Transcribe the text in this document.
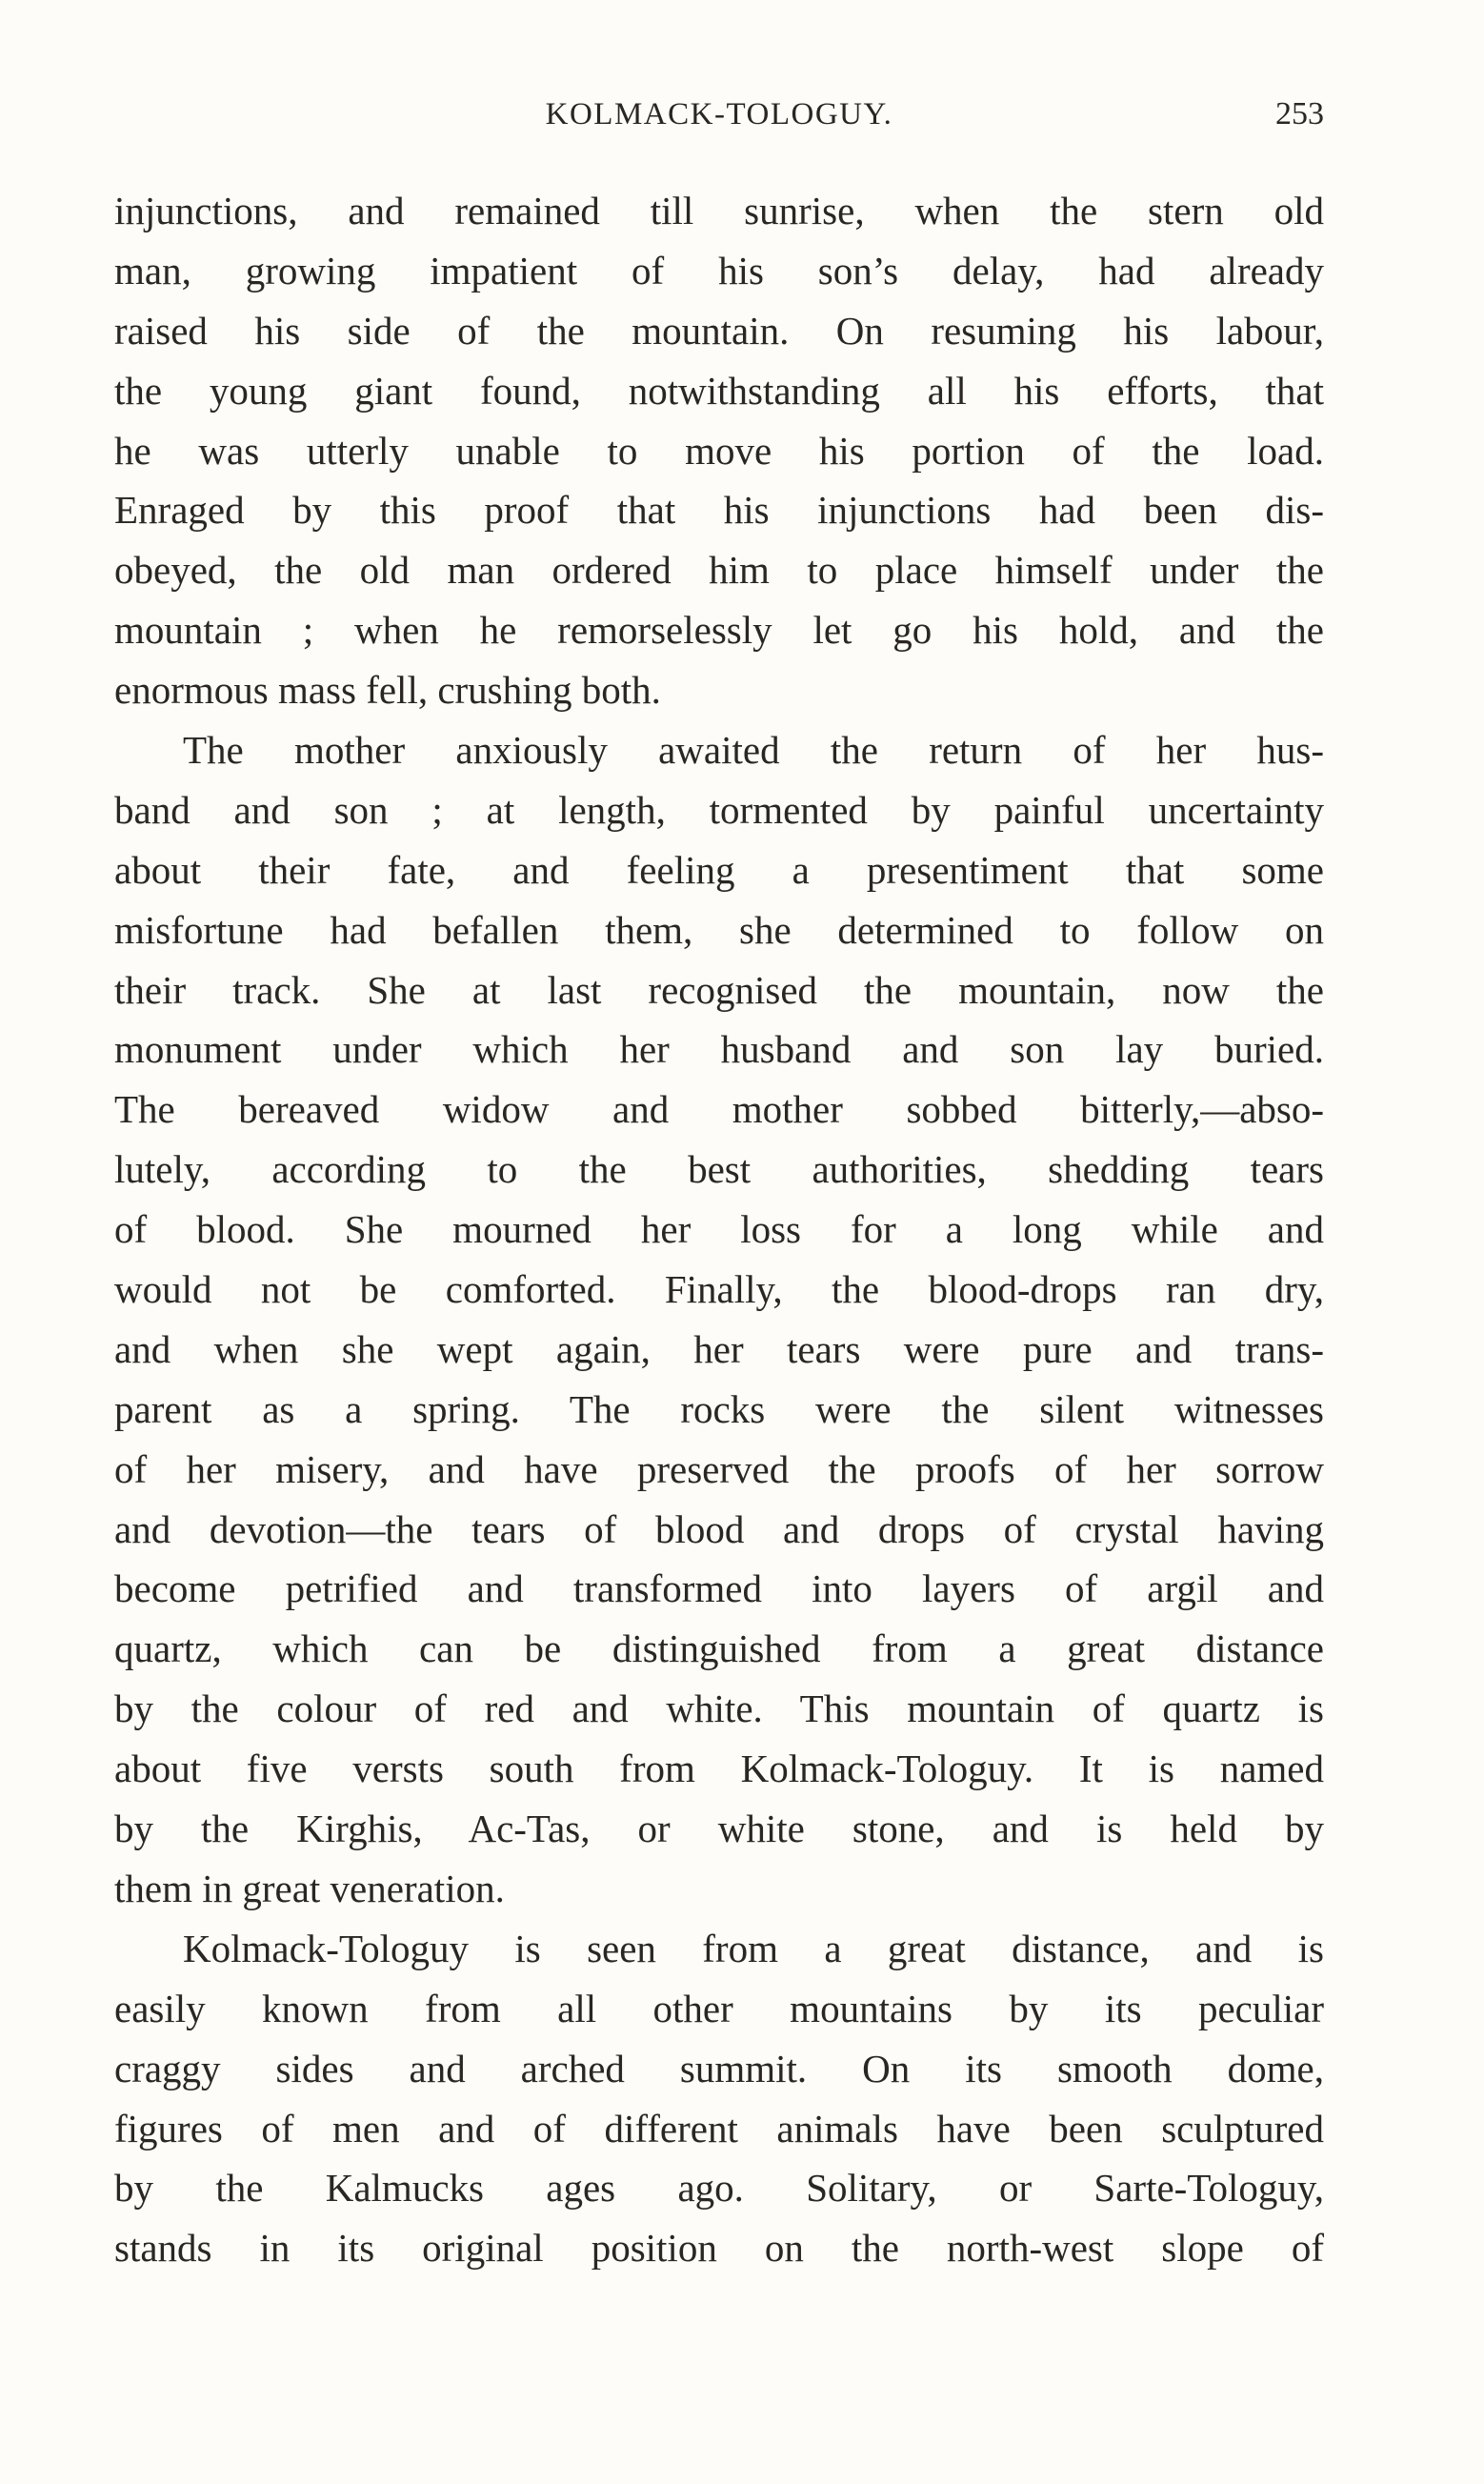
KOLMACK-TOLOGUY.	253
injunctions, and remained till sunrise, when the stern old
man, growing impatient of his son’s delay, had already
raised his side of the mountain. On resuming his labour,
the young giant found, notwithstanding all his efforts, that
he was utterly unable to move his portion of the load.
Enraged by this proof that his injunctions had been dis-
obeyed, the old man ordered him to place himself under the
mountain ; when he remorselessly let go his hold, and the
enormous mass fell, crushing both.
The mother anxiously awaited the return of her hus-
band and son ; at length, tormented by painful uncertainty
about their fate, and feeling a presentiment that some
misfortune had befallen them, she determined to follow on
their track. She at last recognised the mountain, now the
monument under which her husband and son lay buried.
The bereaved widow and mother sobbed bitterly,—abso-
lutely, according to the best authorities, shedding tears
of blood. She mourned her loss for a long while and
would not be comforted. Finally, the blood-drops ran dry,
and when she wept again, her tears were pure and trans-
parent as a spring. The rocks were the silent witnesses
of her misery, and have preserved the proofs of her sorrow
and devotion—the tears of blood and drops of crystal having
become petrified and transformed into layers of argil and
quartz, which can be distinguished from a great distance
by the colour of red and white. This mountain of quartz is
about five versts south from Kolmack-Tologuy. It is named
by the Kirghis, Ac-Tas, or white stone, and is held by
them in great veneration.
Kolmack-Tologuy is seen from a great distance, and is
easily known from all other mountains by its peculiar
craggy sides and arched summit. On its smooth dome,
figures of men and of different animals have been sculptured
by the Kalmucks ages ago. Solitary, or Sarte-Tologuy,
stands in its original position on the north-west slope of
